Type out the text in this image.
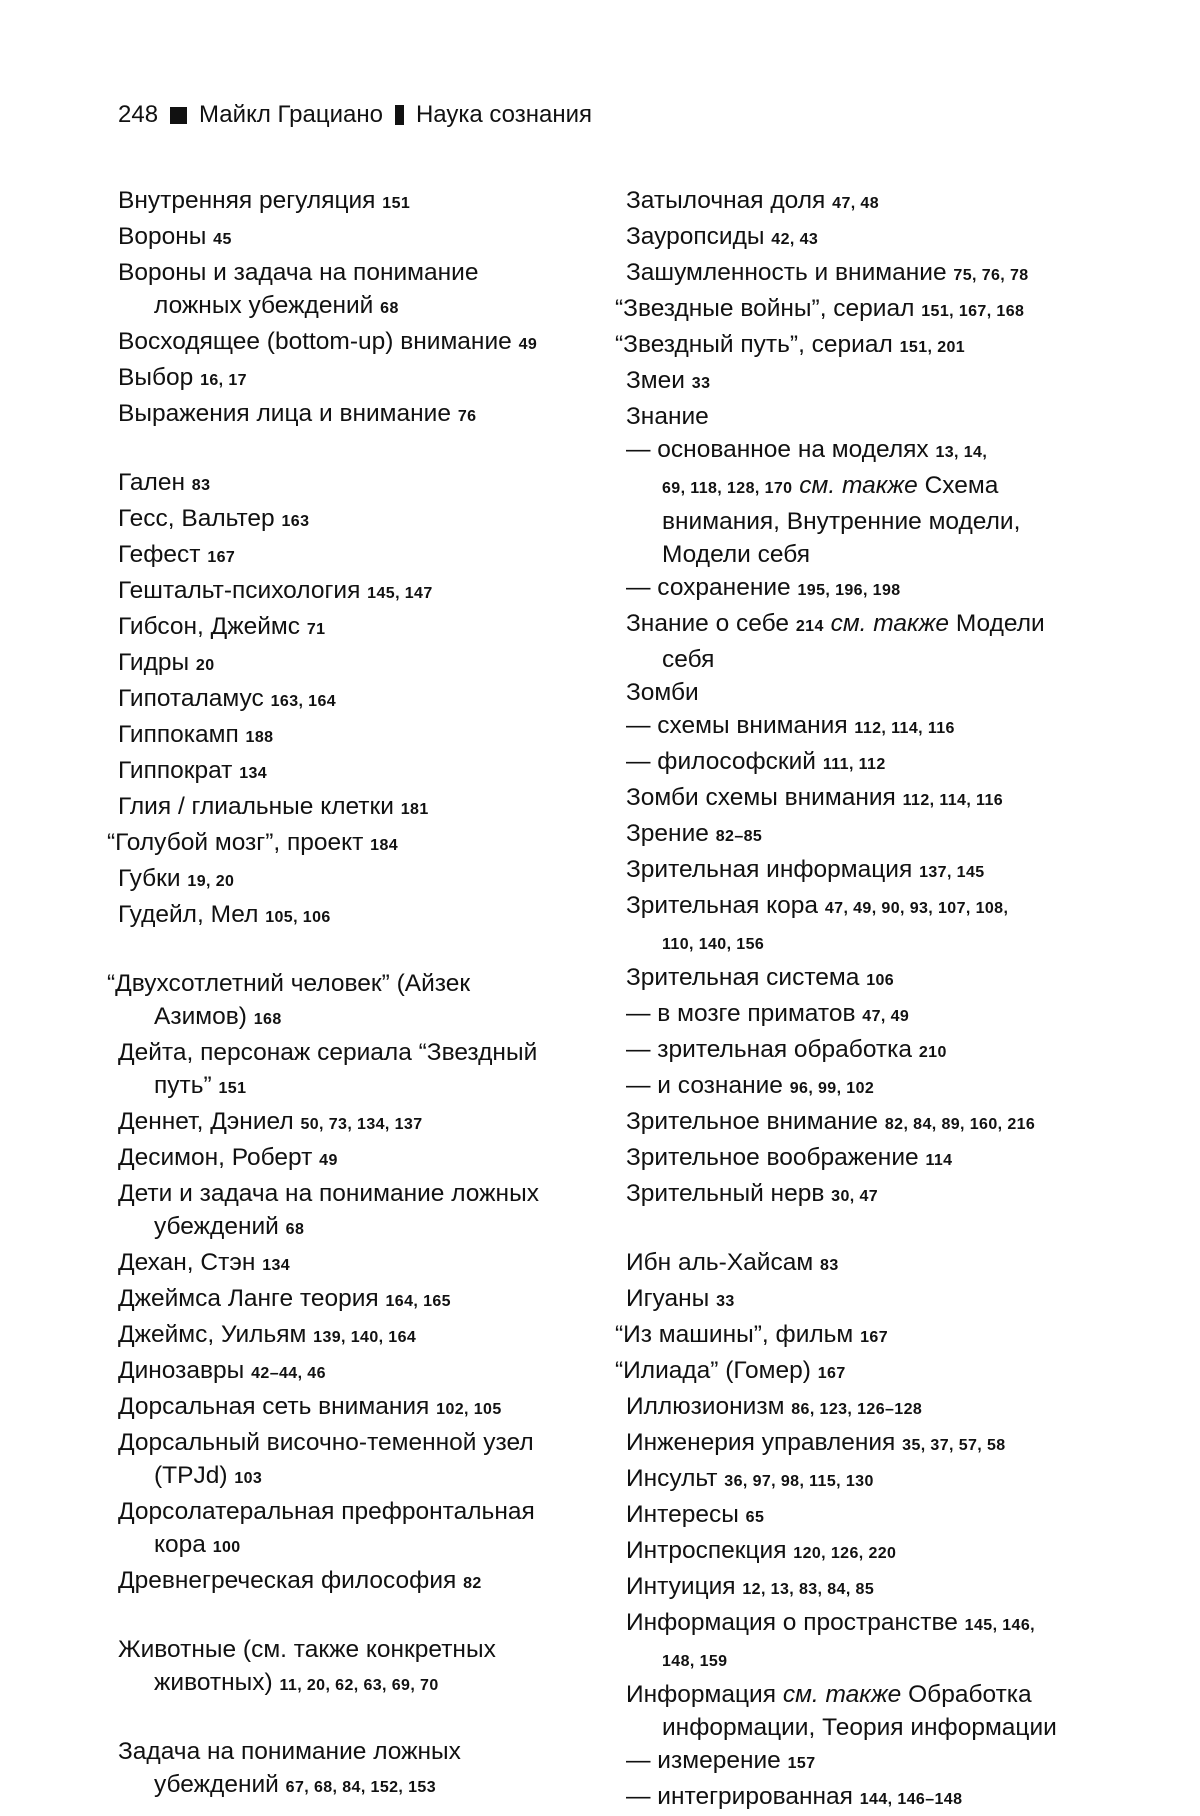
248 Майкл Грациано Наука сознания
Внутренняя регуляция 151
Вороны 45
Вороны и задача на понимание
ложных убеждений 68
Восходящее (bottom-up) внимание 49
Выбор 16, 17
Выражения лица и внимание 76
Гален 83
Гесс, Вальтер 163
Гефест 167
Гештальт-психология 145, 147
Гибсон, Джеймс 71
Гидры 20
Гипоталамус 163, 164
Гиппокамп 188
Гиппократ 134
Глия / глиальные клетки 181
“Голубой мозг”, проект 184
Губки 19, 20
Гудейл, Мел 105, 106
“Двухсотлетний человек” (Айзек
Азимов) 168
Дейта, персонаж сериала “Звездный
путь” 151
Деннет, Дэниел 50, 73, 134, 137
Десимон, Роберт 49
Дети и задача на понимание ложных
убеждений 68
Дехан, Стэн 134
Джеймса Ланге теория 164, 165
Джеймс, Уильям 139, 140, 164
Динозавры 42–44, 46
Дорсальная сеть внимания 102, 105
Дорсальный височно-теменной узел
(TPJd) 103
Дорсолатеральная префронтальная
кора 100
Древнегреческая философия 82
Животные (см. также конкретных
животных) 11, 20, 62, 63, 69, 70
Задача на понимание ложных
убеждений 67, 68, 84, 152, 153
Затылочная доля 47, 48
Зауропсиды 42, 43
Зашумленность и внимание 75, 76, 78
“Звездные войны”, сериал 151, 167, 168
“Звездный путь”, сериал 151, 201
Змеи 33
Знание
— основанное на моделях 13, 14,
69, 118, 128, 170 см. также Схема
внимания, Внутренние модели,
Модели себя
— сохранение 195, 196, 198
Знание о себе 214 см. также Модели
себя
Зомби
— схемы внимания 112, 114, 116
— философский 111, 112
Зомби схемы внимания 112, 114, 116
Зрение 82–85
Зрительная информация 137, 145
Зрительная кора 47, 49, 90, 93, 107, 108,
110, 140, 156
Зрительная система 106
— в мозге приматов 47, 49
— зрительная обработка 210
— и сознание 96, 99, 102
Зрительное внимание 82, 84, 89, 160, 216
Зрительное воображение 114
Зрительный нерв 30, 47
Ибн аль-Хайсам 83
Игуаны 33
“Из машины”, фильм 167
“Илиада” (Гомер) 167
Иллюзионизм 86, 123, 126–128
Инженерия управления 35, 37, 57, 58
Инсульт 36, 97, 98, 115, 130
Интересы 65
Интроспекция 120, 126, 220
Интуиция 12, 13, 83, 84, 85
Информация о пространстве 145, 146,
148, 159
Информация см. также Обработка
информации, Теория информации
— измерение 157
— интегрированная 144, 146–148
